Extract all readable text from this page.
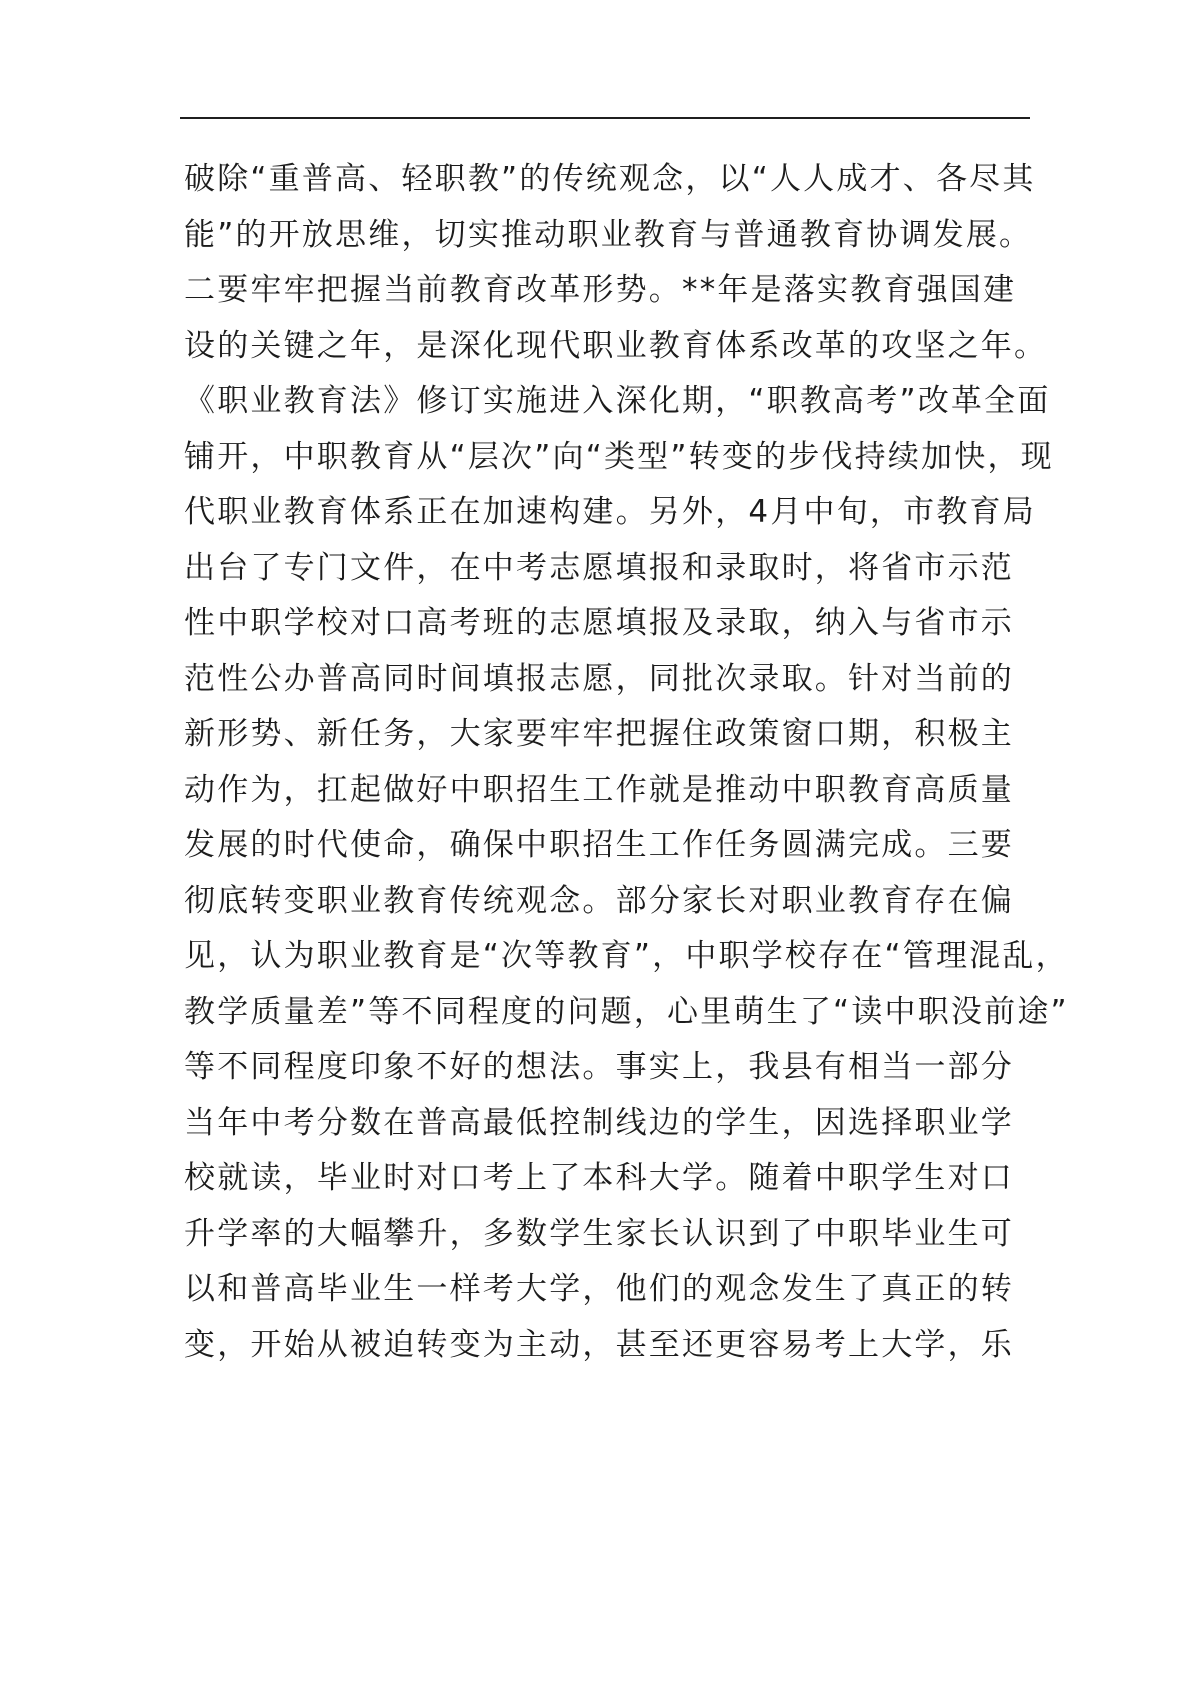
破除“重普高、轻职教”的传统观念，以“人人成才、各尽其
能”的开放思维，切实推动职业教育与普通教育协调发展。
二要牢牢把握当前教育改革形势。**年是落实教育强国建
设的关键之年，是深化现代职业教育体系改革的攻坚之年。
《职业教育法》修订实施进入深化期，“职教高考”改革全面
铺开，中职教育从“层次”向“类型”转变的步伐持续加快，现
代职业教育体系正在加速构建。另外，4月中旬，市教育局
出台了专门文件，在中考志愿填报和录取时，将省市示范
性中职学校对口高考班的志愿填报及录取，纳入与省市示
范性公办普高同时间填报志愿，同批次录取。针对当前的
新形势、新任务，大家要牢牢把握住政策窗口期，积极主
动作为，扛起做好中职招生工作就是推动中职教育高质量
发展的时代使命，确保中职招生工作任务圆满完成。三要
彻底转变职业教育传统观念。部分家长对职业教育存在偏
见，认为职业教育是“次等教育”，中职学校存在“管理混乱，
教学质量差”等不同程度的问题，心里萌生了“读中职没前途”
等不同程度印象不好的想法。事实上，我县有相当一部分
当年中考分数在普高最低控制线边的学生，因选择职业学
校就读，毕业时对口考上了本科大学。随着中职学生对口
升学率的大幅攀升，多数学生家长认识到了中职毕业生可
以和普高毕业生一样考大学，他们的观念发生了真正的转
变，开始从被迫转变为主动，甚至还更容易考上大学，乐
